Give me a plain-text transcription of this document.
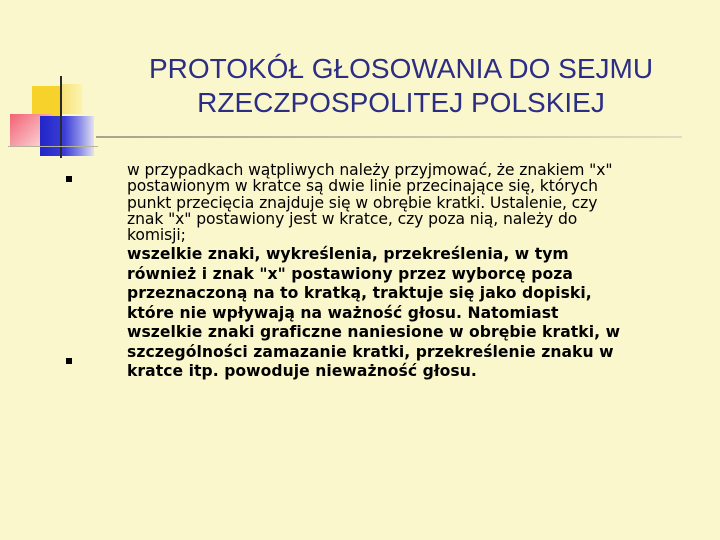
PROTOKÓŁ GŁOSOWANIA DO SEJMU
RZECZPOSPOLITEJ POLSKIEJ
w przypadkach wątpliwych należy przyjmować, że znakiem "x"
postawionym w kratce są dwie linie przecinające się, których
punkt przecięcia znajduje się w obrębie kratki. Ustalenie, czy
znak "x" postawiony jest w kratce, czy poza nią, należy do
komisji;
wszelkie znaki, wykreślenia, przekreślenia, w tym
również i znak "x" postawiony przez wyborcę poza
przeznaczoną na to kratką, traktuje się jako dopiski,
które nie wpływają na ważność głosu. Natomiast
wszelkie znaki graficzne naniesione w obrębie kratki, w
szczególności zamazanie kratki, przekreślenie znaku w
kratce itp. powoduje nieważność głosu.
